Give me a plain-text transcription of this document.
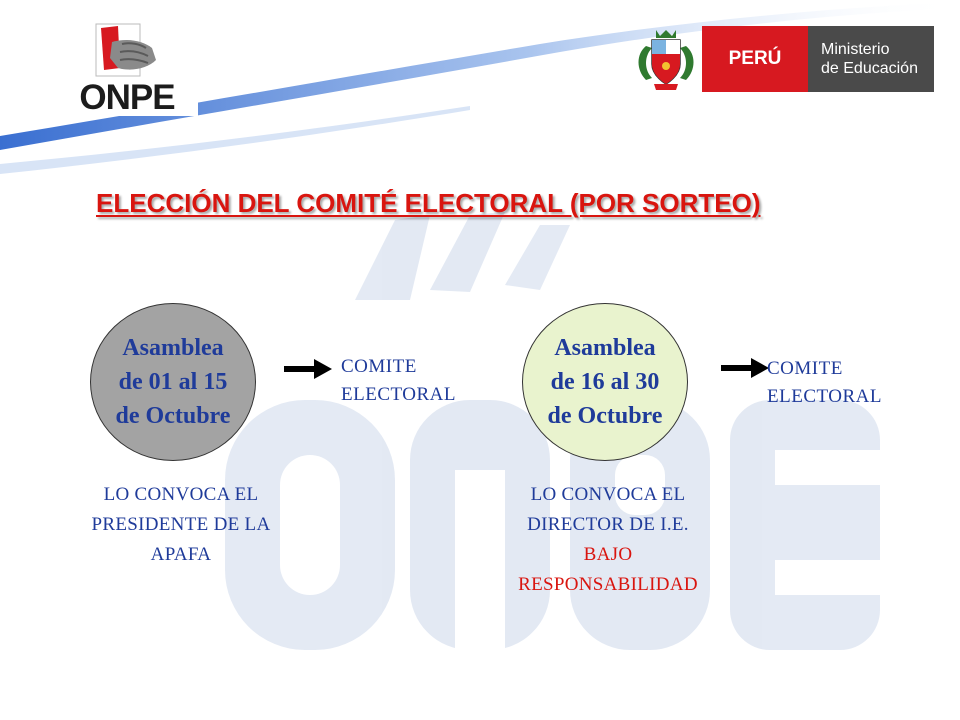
ONPE
PERÚ	Ministerio
de Educación
ELECCIÓN DEL COMITÉ ELECTORAL (POR SORTEO)
Asamblea
de 01 al 15
de Octubre
COMITE
ELECTORAL
Asamblea
de 16 al 30
de Octubre
COMITE
ELECTORAL
LO CONVOCA EL
PRESIDENTE DE LA
APAFA
LO CONVOCA EL
DIRECTOR DE I.E.
BAJO
RESPONSABILIDAD
